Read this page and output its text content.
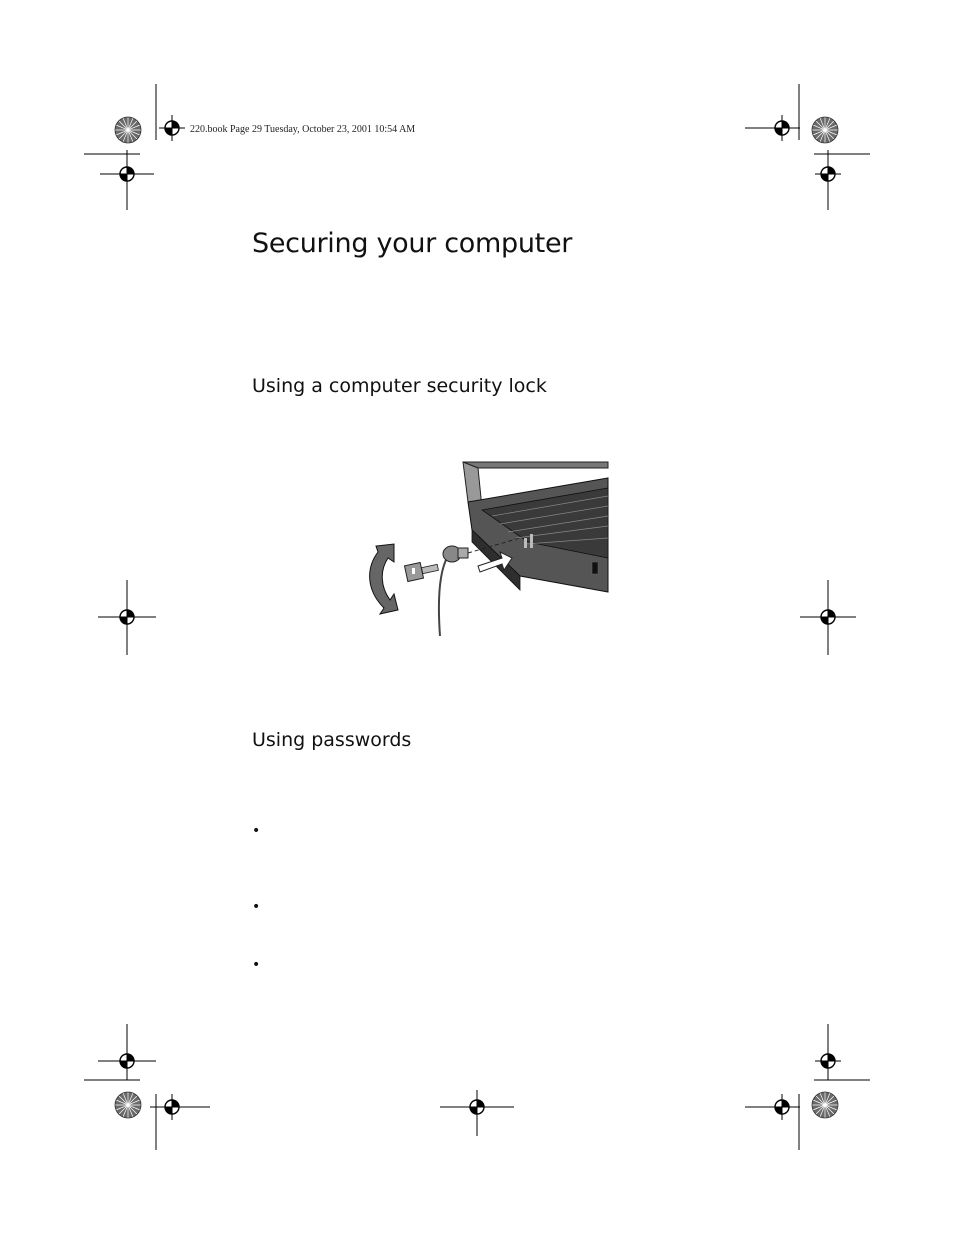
220.book Page 29 Tuesday, October 23, 2001 10:54 AM
Securing your computer
Using a computer security lock
Using passwords
•
•
•
